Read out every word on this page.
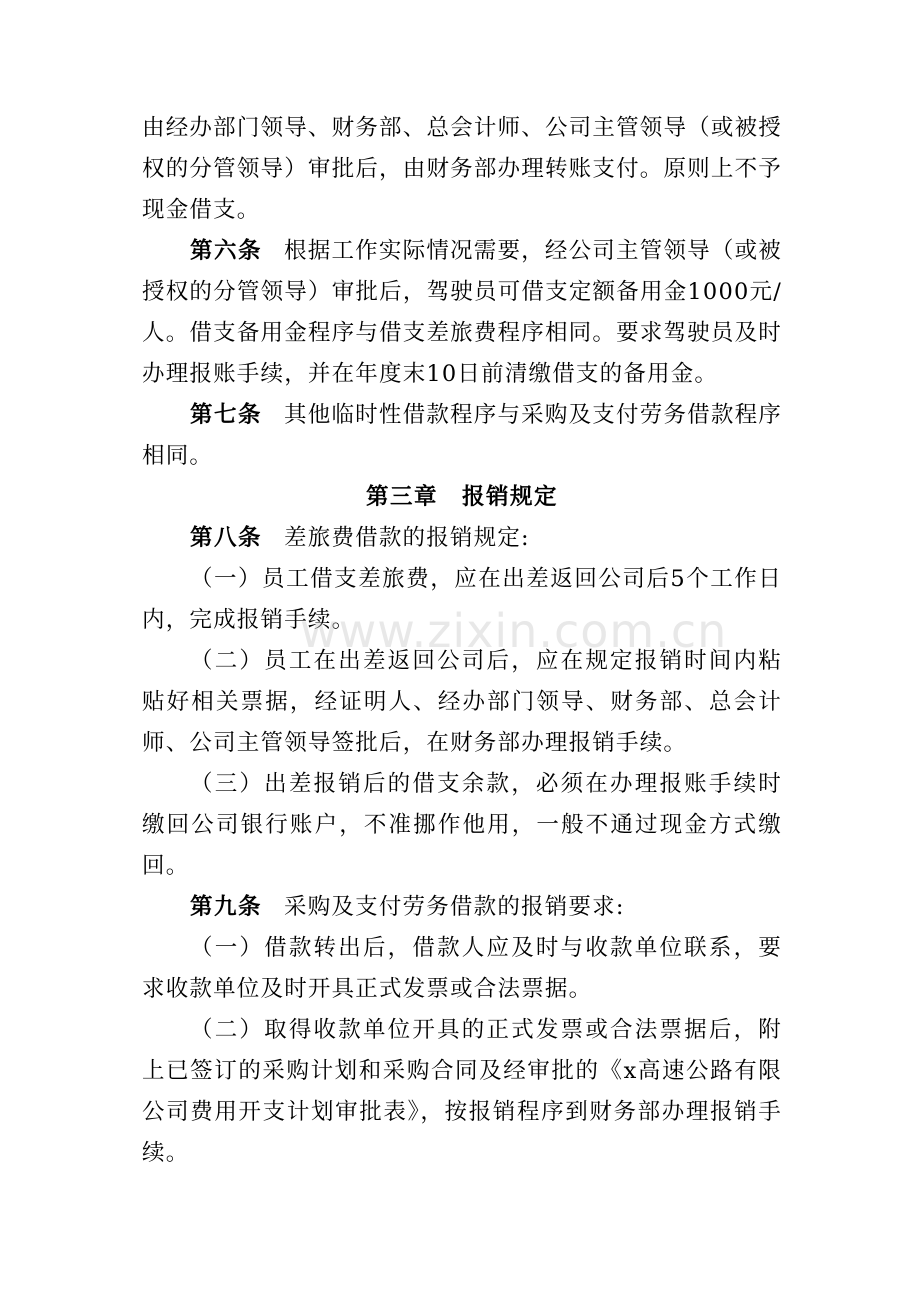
由经办部门领导、财务部、总会计师、公司主管领导（或被授权的分管领导）审批后，由财务部办理转账支付。原则上不予现金借支。

第六条 根据工作实际情况需要，经公司主管领导（或被授权的分管领导）审批后，驾驶员可借支定额备用金1000元/人。借支备用金程序与借支差旅费程序相同。要求驾驶员及时办理报账手续，并在年度末10日前清缴借支的备用金。

第七条 其他临时性借款程序与采购及支付劳务借款程序相同。

第三章 报销规定

第八条 差旅费借款的报销规定:

（一）员工借支差旅费，应在出差返回公司后5个工作日内，完成报销手续。

（二）员工在出差返回公司后，应在规定报销时间内粘贴好相关票据，经证明人、经办部门领导、财务部、总会计师、公司主管领导签批后，在财务部办理报销手续。

（三）出差报销后的借支余款，必须在办理报账手续时缴回公司银行账户，不准挪作他用，一般不通过现金方式缴回。

第九条 采购及支付劳务借款的报销要求:

（一）借款转出后，借款人应及时与收款单位联系，要求收款单位及时开具正式发票或合法票据。

（二）取得收款单位开具的正式发票或合法票据后，附上已签订的采购计划和采购合同及经审批的《x高速公路有限公司费用开支计划审批表》，按报销程序到财务部办理报销手续。

www.zixin.com.cn
